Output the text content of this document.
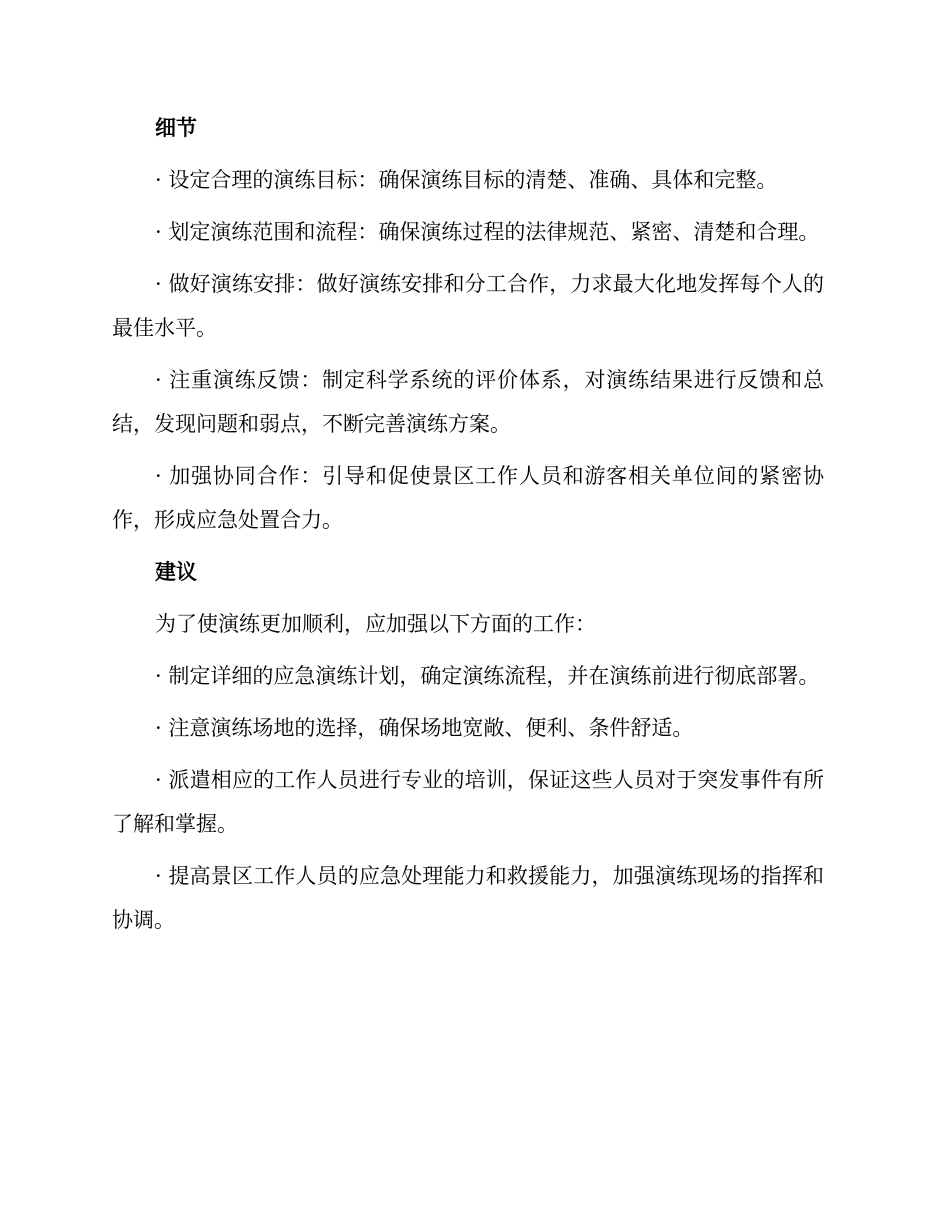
细节

· 设定合理的演练目标：确保演练目标的清楚、准确、具体和完整。

· 划定演练范围和流程：确保演练过程的法律规范、紧密、清楚和合理。

· 做好演练安排：做好演练安排和分工合作，力求最大化地发挥每个人的最佳水平。

· 注重演练反馈：制定科学系统的评价体系，对演练结果进行反馈和总结，发现问题和弱点，不断完善演练方案。

· 加强协同合作：引导和促使景区工作人员和游客相关单位间的紧密协作，形成应急处置合力。

建议

为了使演练更加顺利，应加强以下方面的工作：

· 制定详细的应急演练计划，确定演练流程，并在演练前进行彻底部署。

· 注意演练场地的选择，确保场地宽敞、便利、条件舒适。

· 派遣相应的工作人员进行专业的培训，保证这些人员对于突发事件有所了解和掌握。

· 提高景区工作人员的应急处理能力和救援能力，加强演练现场的指挥和协调。
